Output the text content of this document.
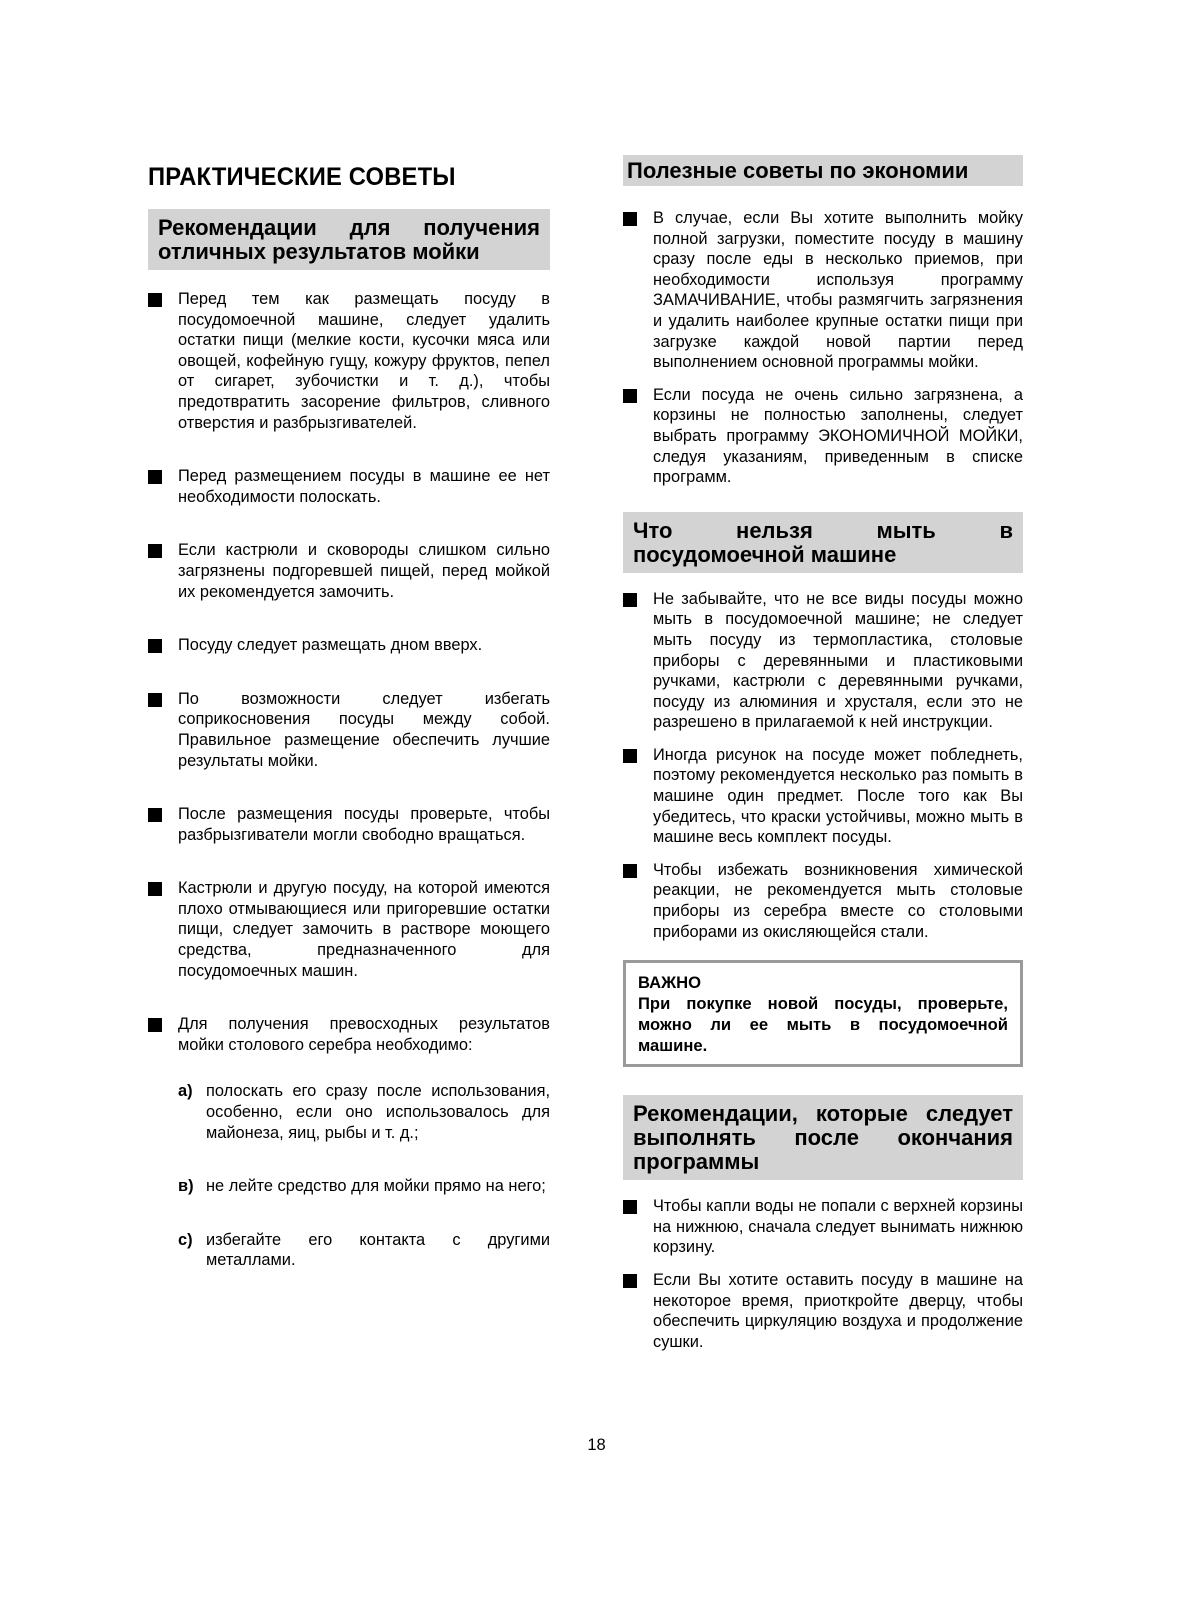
ПРАКТИЧЕСКИЕ СОВЕТЫ
Рекомендации для получения отличных результатов мойки
Перед тем как размещать посуду в посудомоечной машине, следует удалить остатки пищи (мелкие кости, кусочки мяса или овощей, кофейную гущу, кожуру фруктов, пепел от сигарет, зубочистки и т. д.), чтобы предотвратить засорение фильтров, сливного отверстия и разбрызгивателей.
Перед размещением посуды в машине ее нет необходимости полоскать.
Если кастрюли и сковороды слишком сильно загрязнены подгоревшей пищей, перед мойкой их рекомендуется замочить.
Посуду следует размещать дном вверх.
По возможности следует избегать соприкосновения посуды между собой. Правильное размещение обеспечить лучшие результаты мойки.
После размещения посуды проверьте, чтобы разбрызгиватели могли свободно вращаться.
Кастрюли и другую посуду, на которой имеются плохо отмывающиеся или пригоревшие остатки пищи, следует замочить в растворе моющего средства, предназначенного для посудомоечных машин.
Для получения превосходных результатов мойки столового серебра необходимо:
a) полоскать его сразу после использования, особенно, если оно использовалось для майонеза, яиц, рыбы и т. д.;
в) не лейте средство для мойки прямо на него;
c) избегайте его контакта с другими металлами.
Полезные советы по экономии
В случае, если Вы хотите выполнить мойку полной загрузки, поместите посуду в машину сразу после еды в несколько приемов, при необходимости используя программу ЗАМАЧИВАНИЕ, чтобы размягчить загрязнения и удалить наиболее крупные остатки пищи при загрузке каждой новой партии перед выполнением основной программы мойки.
Если посуда не очень сильно загрязнена, а корзины не полностью заполнены, следует выбрать программу ЭКОНОМИЧНОЙ МОЙКИ, следуя указаниям, приведенным в списке программ.
Что нельзя мыть в посудомоечной машине
Не забывайте, что не все виды посуды можно мыть в посудомоечной машине; не следует мыть посуду из термопластика, столовые приборы с деревянными и пластиковыми ручками, кастрюли с деревянными ручками, посуду из алюминия и хрусталя, если это не разрешено в прилагаемой к ней инструкции.
Иногда рисунок на посуде может побледнеть, поэтому рекомендуется несколько раз помыть в машине один предмет. После того как Вы убедитесь, что краски устойчивы, можно мыть в машине весь комплект посуды.
Чтобы избежать возникновения химической реакции, не рекомендуется мыть столовые приборы из серебра вместе со столовыми приборами из окисляющейся стали.
ВАЖНО
При покупке новой посуды, проверьте, можно ли ее мыть в посудомоечной машине.
Рекомендации, которые следует выполнять после окончания программы
Чтобы капли воды не попали с верхней корзины на нижнюю, сначала следует вынимать нижнюю корзину.
Если Вы хотите оставить посуду в машине на некоторое время, приоткройте дверцу, чтобы обеспечить циркуляцию воздуха и продолжение сушки.
18
